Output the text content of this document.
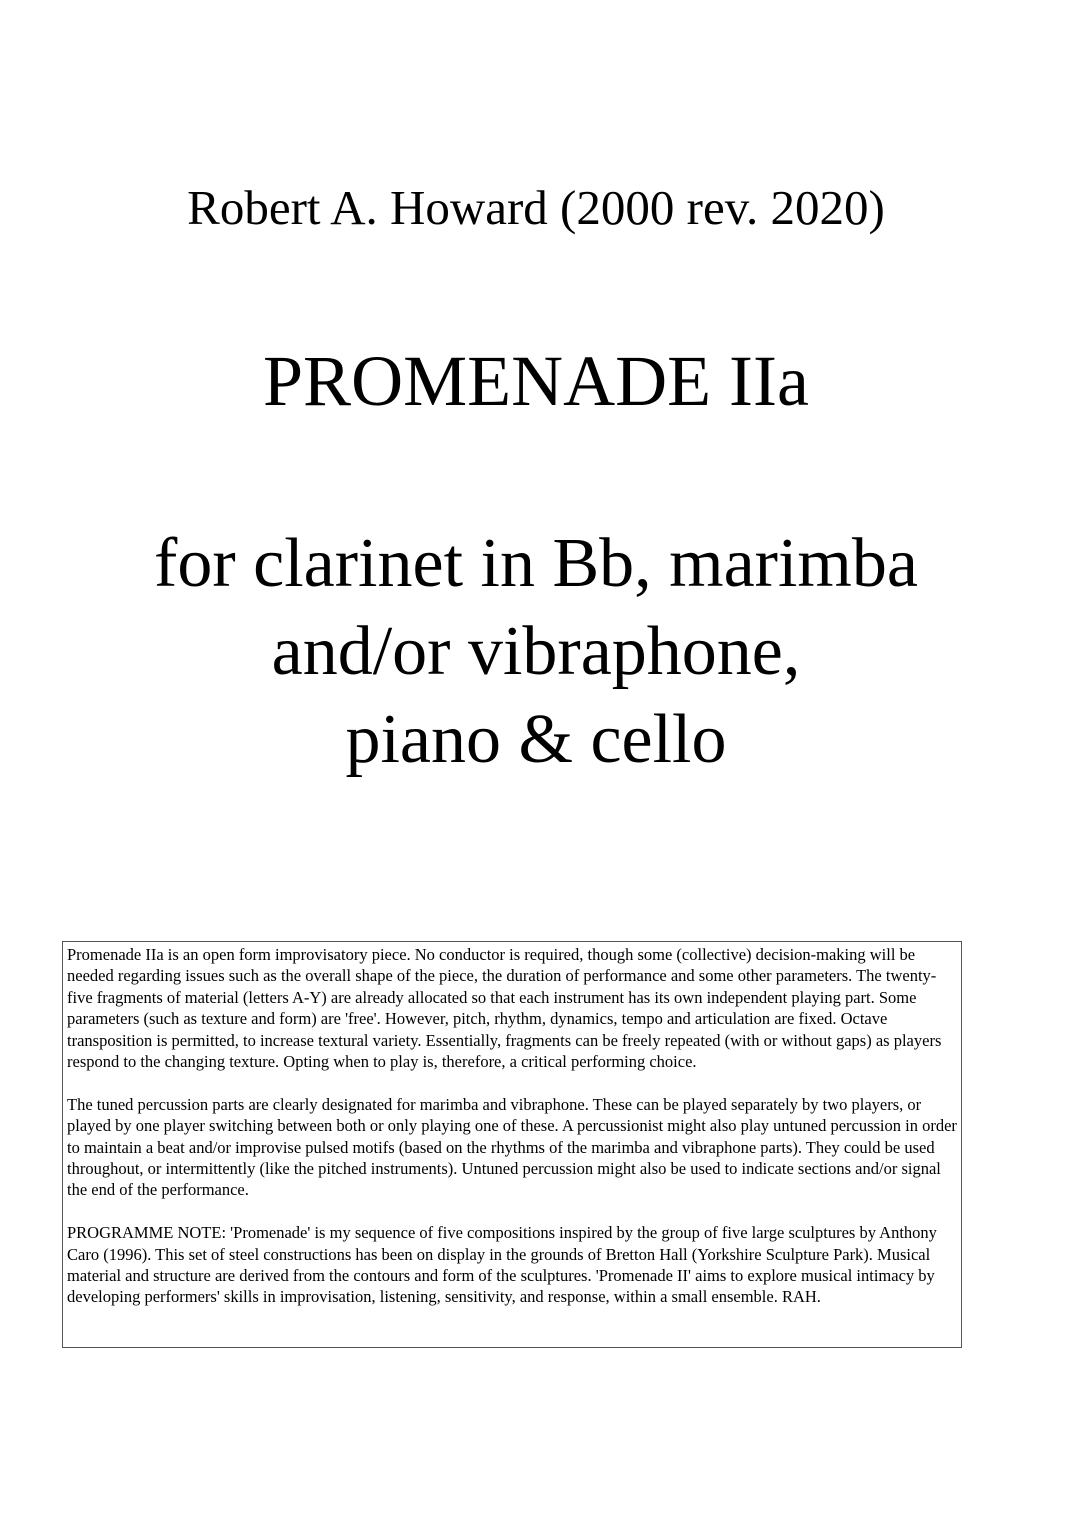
Robert A. Howard (2000 rev. 2020)
PROMENADE IIa
for clarinet in Bb, marimba
and/or vibraphone,
piano & cello

Promenade IIa is an open form improvisatory piece. No conductor is required, though some (collective) decision-making will be needed regarding issues such as the overall shape of the piece, the duration of performance and some other parameters. The twenty-five fragments of material (letters A-Y) are already allocated so that each instrument has its own independent playing part. Some parameters (such as texture and form) are 'free'. However, pitch, rhythm, dynamics, tempo and articulation are fixed. Octave transposition is permitted, to increase textural variety. Essentially, fragments can be freely repeated (with or without gaps) as players respond to the changing texture. Opting when to play is, therefore, a critical performing choice.

The tuned percussion parts are clearly designated for marimba and vibraphone. These can be played separately by two players, or played by one player switching between both or only playing one of these. A percussionist might also play untuned percussion in order to maintain a beat and/or improvise pulsed motifs (based on the rhythms of the marimba and vibraphone parts). They could be used throughout, or intermittently (like the pitched instruments). Untuned percussion might also be used to indicate sections and/or signal the end of the performance.

PROGRAMME NOTE: 'Promenade' is my sequence of five compositions inspired by the group of five large sculptures by Anthony Caro (1996). This set of steel constructions has been on display in the grounds of Bretton Hall (Yorkshire Sculpture Park). Musical material and structure are derived from the contours and form of the sculptures. 'Promenade II' aims to explore musical intimacy by developing performers' skills in improvisation, listening, sensitivity, and response, within a small ensemble. RAH.
